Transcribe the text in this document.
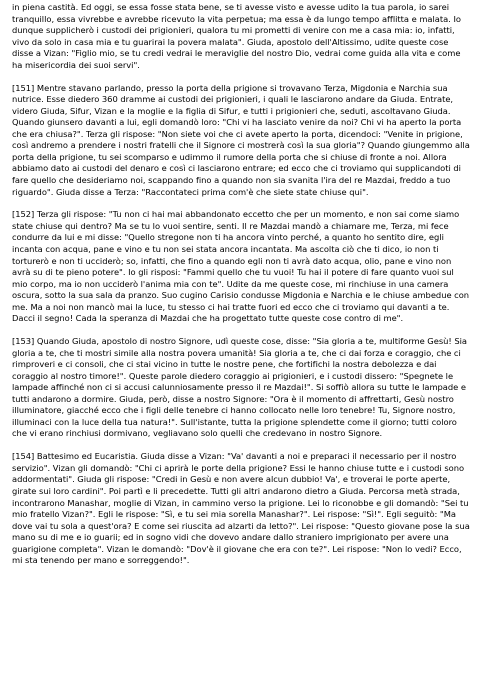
in piena castità. Ed oggi, se essa fosse stata bene, se ti avesse visto e avesse udito la tua parola, io sarei tranquillo, essa vivrebbe e avrebbe ricevuto la vita perpetua; ma essa è da lungo tempo afflitta e malata. Io dunque supplicherò i custodi dei prigionieri, qualora tu mi prometti di venire con me a casa mia: io, infatti, vivo da solo in casa mia e tu guarirai la povera malata". Giuda, apostolo dell'Altissimo, udite queste cose disse a Vizan: "Figlio mio, se tu credi vedrai le meraviglie del nostro Dio, vedrai come guida alla vita e come ha misericordia dei suoi servi".

[151] Mentre stavano parlando, presso la porta della prigione si trovavano Terza, Migdonia e Narchia sua nutrice. Esse diedero 360 dramme ai custodi dei prigionieri, i quali le lasciarono andare da Giuda. Entrate, videro Giuda, Sifur, Vizan e la moglie e la figlia di Sifur, e tutti i prigionieri che, seduti, ascoltavano Giuda. Quando giunsero davanti a lui, egli domandò loro: "Chi vi ha lasciato venire da noi? Chi vi ha aperto la porta che era chiusa?". Terza gli rispose: "Non siete voi che ci avete aperto la porta, dicendoci: "Venite in prigione, così andremo a prendere i nostri fratelli che il Signore ci mostrerà così la sua gloria"? Quando giungemmo alla porta della prigione, tu sei scomparso e udimmo il rumore della porta che si chiuse di fronte a noi. Allora abbiamo dato ai custodi del denaro e così ci lasciarono entrare; ed ecco che ci troviamo qui supplicandoti di fare quello che desideriamo noi, scappando fino a quando non sia svanita l'ira del re Mazdai, freddo a tuo riguardo". Giuda disse a Terza: "Raccontateci prima com'è che siete state chiuse qui".

[152] Terza gli rispose: "Tu non ci hai mai abbandonato eccetto che per un momento, e non sai come siamo state chiuse qui dentro? Ma se tu lo vuoi sentire, senti. Il re Mazdai mandò a chiamare me, Terza, mi fece condurre da lui e mi disse: "Quello stregone non ti ha ancora vinto perché, a quanto ho sentito dire, egli incanta con acqua, pane e vino e tu non sei stata ancora incantata. Ma ascolta ciò che ti dico, io non ti torturerò e non ti ucciderò; so, infatti, che fino a quando egli non ti avrà dato acqua, olio, pane e vino non avrà su di te pieno potere". Io gli risposi: "Fammi quello che tu vuoi! Tu hai il potere di fare quanto vuoi sul mio corpo, ma io non ucciderò l'anima mia con te". Udite da me queste cose, mi rinchiuse in una camera oscura, sotto la sua sala da pranzo. Suo cugino Carisio condusse Migdonia e Narchia e le chiuse ambedue con me. Ma a noi non mancò mai la luce, tu stesso ci hai tratte fuori ed ecco che ci troviamo qui davanti a te. Dacci il segno! Cada la speranza di Mazdai che ha progettato tutte queste cose contro di me".

[153] Quando Giuda, apostolo di nostro Signore, udì queste cose, disse: "Sia gloria a te, multiforme Gesù! Sia gloria a te, che ti mostri simile alla nostra povera umanità! Sia gloria a te, che ci dai forza e coraggio, che ci rimproveri e ci consoli, che ci stai vicino in tutte le nostre pene, che fortifichi la nostra debolezza e dai coraggio al nostro timore!". Queste parole diedero coraggio ai prigionieri, e i custodi dissero: "Spegnete le lampade affinché non ci si accusi calunniosamente presso il re Mazdai!". Si soffiò allora su tutte le lampade e tutti andarono a dormire. Giuda, però, disse a nostro Signore: "Ora è il momento di affrettarti, Gesù nostro illuminatore, giacché ecco che i figli delle tenebre ci hanno collocato nelle loro tenebre! Tu, Signore nostro, illuminaci con la luce della tua natura!". Sull'istante, tutta la prigione splendette come il giorno; tutti coloro che vi erano rinchiusi dormivano, vegliavano solo quelli che credevano in nostro Signore.

[154] Battesimo ed Eucaristia. Giuda disse a Vizan: "Va' davanti a noi e preparaci il necessario per il nostro servizio". Vizan gli domandò: "Chi ci aprirà le porte della prigione? Essi le hanno chiuse tutte e i custodi sono addormentati". Giuda gli rispose: "Credi in Gesù e non avere alcun dubbio! Va', e troverai le porte aperte, girate sui loro cardini". Poi partì e li precedette. Tutti gli altri andarono dietro a Giuda. Percorsa metà strada, incontrarono Manashar, moglie di Vizan, in cammino verso la prigione. Lei lo riconobbe e gli domandò: "Sei tu mio fratello Vizan?". Egli le rispose: "Sì, e tu sei mia sorella Manashar?". Lei rispose: "Sì!". Egli seguitò: "Ma dove vai tu sola a quest'ora? E come sei riuscita ad alzarti da letto?". Lei rispose: "Questo giovane pose la sua mano su di me e io guarii; ed in sogno vidi che dovevo andare dallo straniero imprigionato per avere una guarigione completa". Vizan le domandò: "Dov'è il giovane che era con te?". Lei rispose: "Non lo vedi? Ecco, mi sta tenendo per mano e sorreggendo!".
